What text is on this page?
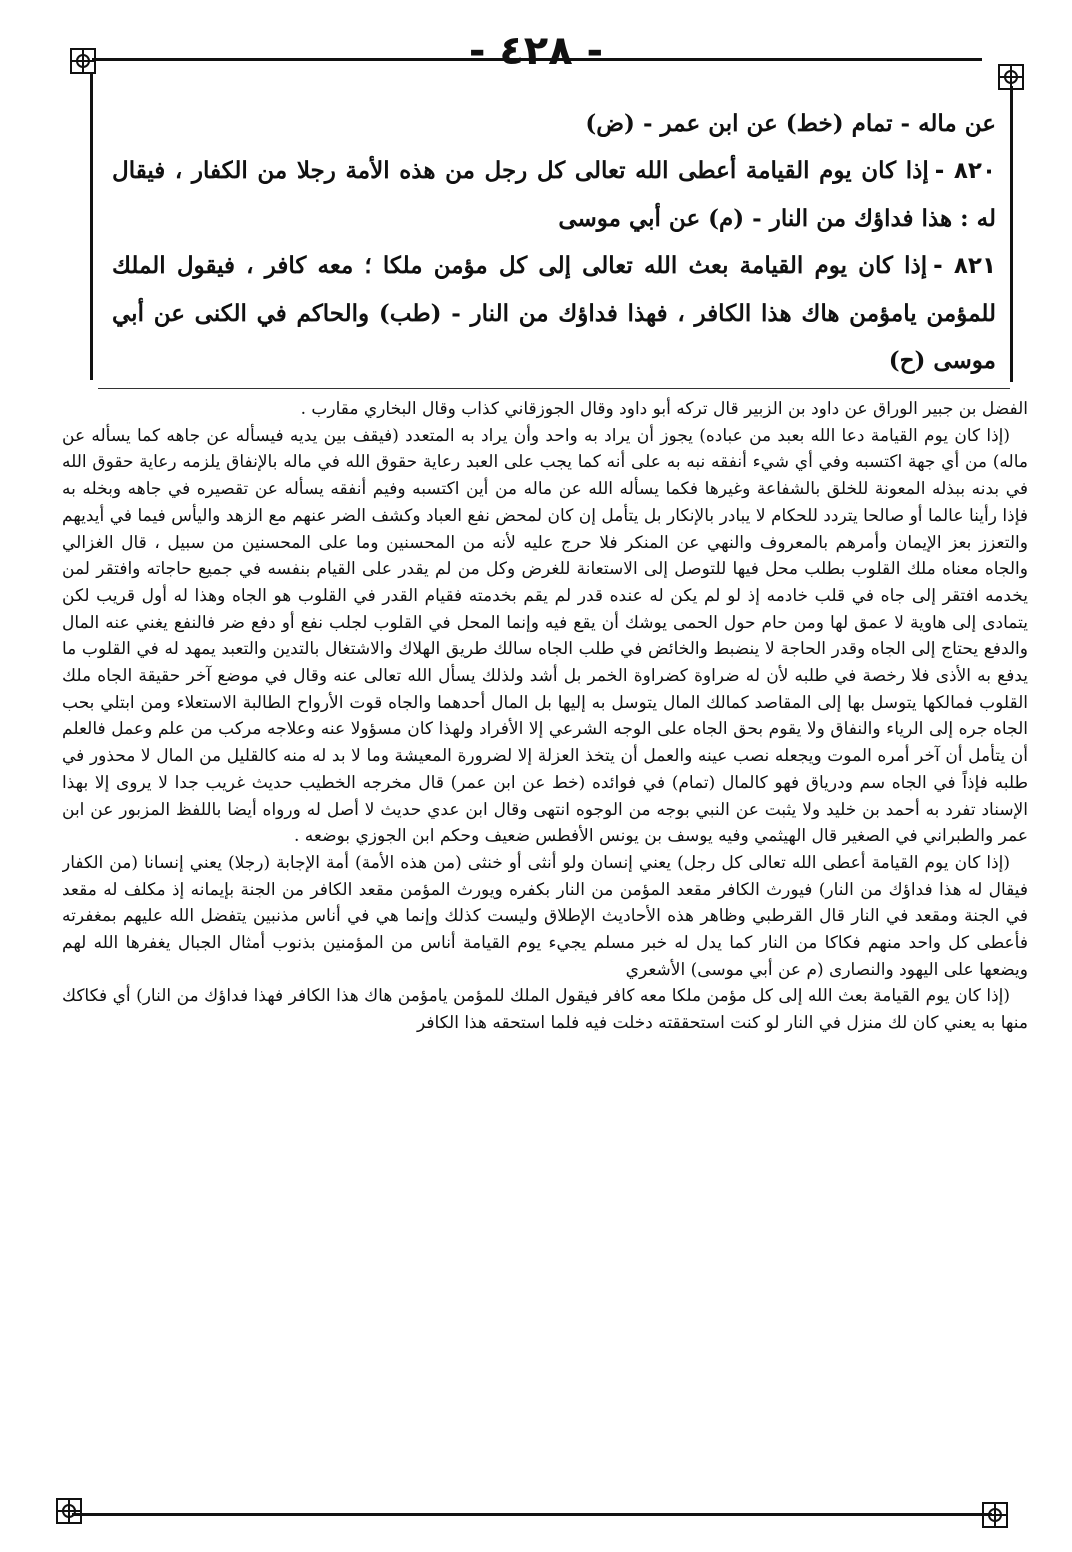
- ٤٢٨ -

عن ماله - تمام (خط) عن ابن عمر - (ض)

٨٢٠ -إذا كان يوم القيامة أعطى الله تعالى كل رجل من هذه الأمة رجلا من الكفار ، فيقال له : هذا فداؤك من النار - (م) عن أبي موسى

٨٢١ -إذا كان يوم القيامة بعث الله تعالى إلى كل مؤمن ملكا ؛ معه كافر ، فيقول الملك للمؤمن يامؤمن هاك هذا الكافر ، فهذا فداؤك من النار - (طب) والحاكم في الكنى عن أبي موسى (ح)

الفضل بن جبير الوراق عن داود بن الزبير قال تركه أبو داود وقال الجوزقاني كذاب وقال البخاري مقارب .

(إذا كان يوم القيامة دعا الله بعبد من عباده) يجوز أن يراد به واحد وأن يراد به المتعدد (فيقف بين يديه فيسأله عن جاهه كما يسأله عن ماله) من أي جهة اكتسبه وفي أي شيء أنفقه نبه به على أنه كما يجب على العبد رعاية حقوق الله في ماله بالإنفاق يلزمه رعاية حقوق الله في بدنه ببذله المعونة للخلق بالشفاعة وغيرها فكما يسأله الله عن ماله من أين اكتسبه وفيم أنفقه يسأله عن تقصيره في جاهه وبخله به فإذا رأينا عالما أو صالحا يتردد للحكام لا يبادر بالإنكار بل يتأمل إن كان لمحض نفع العباد وكشف الضر عنهم مع الزهد واليأس فيما في أيديهم والتعزز بعز الإيمان وأمرهم بالمعروف والنهي عن المنكر فلا حرج عليه لأنه من المحسنين وما على المحسنين من سبيل ، قال الغزالي والجاه معناه ملك القلوب بطلب محل فيها للتوصل إلى الاستعانة للغرض وكل من لم يقدر على القيام بنفسه في جميع حاجاته وافتقر لمن يخدمه افتقر إلى جاه في قلب خادمه إذ لو لم يكن له عنده قدر لم يقم بخدمته فقيام القدر في القلوب هو الجاه وهذا له أول قريب لكن يتمادى إلى هاوية لا عمق لها ومن حام حول الحمى يوشك أن يقع فيه وإنما المحل في القلوب لجلب نفع أو دفع ضر فالنفع يغني عنه المال والدفع يحتاج إلى الجاه وقدر الحاجة لا ينضبط والخائض في طلب الجاه سالك طريق الهلاك والاشتغال بالتدين والتعبد يمهد له في القلوب ما يدفع به الأذى فلا رخصة في طلبه لأن له ضراوة كضراوة الخمر بل أشد ولذلك يسأل الله تعالى عنه وقال في موضع آخر حقيقة الجاه ملك القلوب فمالكها يتوسل بها إلى المقاصد كمالك المال يتوسل به إليها بل المال أحدهما والجاه قوت الأرواح الطالبة الاستعلاء ومن ابتلي بحب الجاه جره إلى الرياء والنفاق ولا يقوم بحق الجاه على الوجه الشرعي إلا الأفراد ولهذا كان مسؤولا عنه وعلاجه مركب من علم وعمل فالعلم أن يتأمل أن آخر أمره الموت ويجعله نصب عينه والعمل أن يتخذ العزلة إلا لضرورة المعيشة وما لا بد له منه كالقليل من المال لا محذور في طلبه فإذاً في الجاه سم ودرياق فهو كالمال (تمام) في فوائده (خط عن ابن عمر) قال مخرجه الخطيب حديث غريب جدا لا يروى إلا بهذا الإسناد تفرد به أحمد بن خليد ولا يثبت عن النبي بوجه من الوجوه انتهى وقال ابن عدي حديث لا أصل له ورواه أيضا باللفظ المزبور عن ابن عمر والطبراني في الصغير قال الهيثمي وفيه يوسف بن يونس الأفطس ضعيف وحكم ابن الجوزي بوضعه .

(إذا كان يوم القيامة أعطى الله تعالى كل رجل) يعني إنسان ولو أنثى أو خنثى (من هذه الأمة) أمة الإجابة (رجلا) يعني إنسانا (من الكفار فيقال له هذا فداؤك من النار) فيورث الكافر مقعد المؤمن من النار بكفره ويورث المؤمن مقعد الكافر من الجنة بإيمانه إذ مكلف له مقعد في الجنة ومقعد في النار قال القرطبي وظاهر هذه الأحاديث الإطلاق وليست كذلك وإنما هي في أناس مذنبين يتفضل الله عليهم بمغفرته فأعطى كل واحد منهم فكاكا من النار كما يدل له خبر مسلم يجيء يوم القيامة أناس من المؤمنين بذنوب أمثال الجبال يغفرها الله لهم ويضعها على اليهود والنصارى (م عن أبي موسى) الأشعري

(إذا كان يوم القيامة بعث الله إلى كل مؤمن ملكا معه كافر فيقول الملك للمؤمن يامؤمن هاك هذا الكافر فهذا فداؤك من النار) أي فكاكك منها به يعني كان لك منزل في النار لو كنت استحققته دخلت فيه فلما استحقه هذا الكافر
